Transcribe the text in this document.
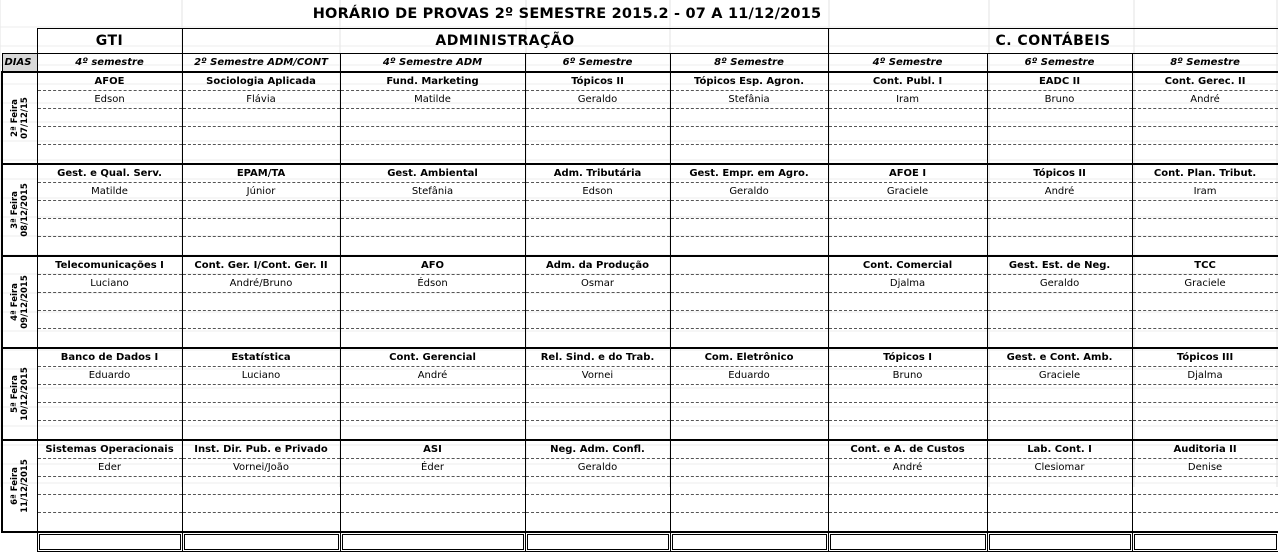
HORÁRIO DE PROVAS 2º SEMESTRE 2015.2 - 07 A 11/12/2015
	GTI	ADMINISTRAÇÃO				C. CONTÁBEIS		

DIAS	4º semestre	2º Semestre ADM/CONT	4º Semestre ADM	6º Semestre	8º Semestre	4º Semestre	6º Semestre	8º Semestre

2ª Feira 07/12/15	AFOE	Sociologia Aplicada	Fund. Marketing	Tópicos II	Tópicos Esp. Agron.	Cont. Publ. I	EADC II	Cont. Gerec. II
	Edson	Flávia	Matilde	Geraldo	Stefânia	Iram	Bruno	André

3ª Feira 08/12/2015	Gest. e Qual. Serv.	EPAM/TA	Gest. Ambiental	Adm. Tributária	Gest. Empr. em Agro.	AFOE I	Tópicos II	Cont. Plan. Tribut.
	Matilde	Júnior	Stefânia	Edson	Geraldo	Graciele	André	Iram

4ª Feira 09/12/2015	Telecomunicações I	Cont. Ger. I/Cont. Ger. II	AFO	Adm. da Produção		Cont. Comercial	Gest. Est. de Neg.	TCC
	Luciano	André/Bruno	Édson	Osmar		Djalma	Geraldo	Graciele

5ª Feira 10/12/2015	Banco de Dados I	Estatística	Cont. Gerencial	Rel. Sind. e do Trab.	Com. Eletrônico	Tópicos I	Gest. e Cont. Amb.	Tópicos III
	Eduardo	Luciano	André	Vornei	Eduardo	Bruno	Graciele	Djalma

6ª Feira 11/12/2015	Sistemas Operacionais	Inst. Dir. Pub. e Privado	ASI	Neg. Adm. Confl.		Cont. e A. de Custos	Lab. Cont. I	Auditoria II
	Eder	Vornei/João	Éder	Geraldo		André	Clesiomar	Denise
